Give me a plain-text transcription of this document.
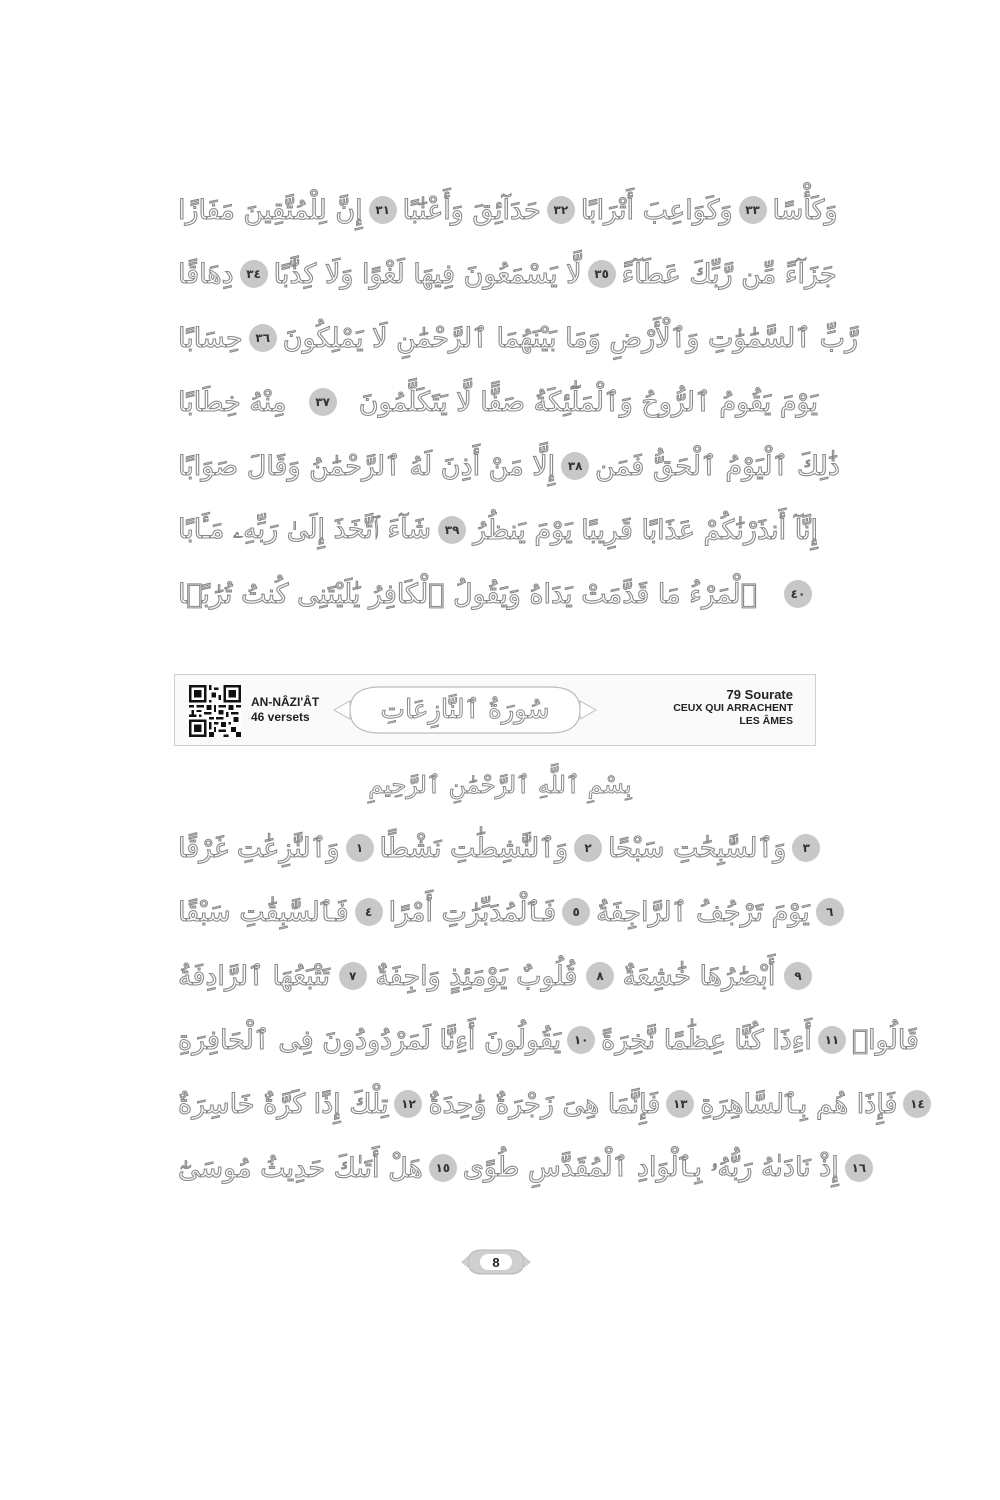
إِنَّ لِلْمُتَّقِينَ مَفَازًا	٣١ حَدَآئِقَ وَأَعْنَٰبًا	٣٢ وَكَوَاعِبَ أَتْرَابًا	٣٣ وَكَأْسًا
دِهَاقًا	٣٤ لَّا يَسْمَعُونَ فِيهَا لَغْوًا وَلَا كِذَّٰبًا	٣٥ جَزَآءً مِّن رَّبِّكَ عَطَآءً
حِسَابًا	٣٦ رَّبِّ ٱلسَّمَٰوَٰتِ وَٱلْأَرْضِ وَمَا بَيْنَهُمَا ٱلرَّحْمَٰنِ لَا يَمْلِكُونَ
مِنْهُ خِطَابًا	٣٧ يَوْمَ يَقُومُ ٱلرُّوحُ وَٱلْمَلَٰٓئِكَةُ صَفًّا لَّا يَتَكَلَّمُونَ
إِلَّا مَنْ أَذِنَ لَهُ ٱلرَّحْمَٰنُ وَقَالَ صَوَابًا	٣٨ ذَٰلِكَ ٱلْيَوْمُ ٱلْحَقُّ فَمَن
شَآءَ ٱتَّخَذَ إِلَىٰ رَبِّهِۦ مَـَٔابًا	٣٩ إِنَّآ أَنذَرْنَٰكُمْ عَذَابًا قَرِيبًا يَوْمَ يَنظُرُ
ٱلْمَرْءُ مَا قَدَّمَتْ يَدَاهُ وَيَقُولُ ٱلْكَافِرُ يَٰلَيْتَنِى كُنتُ تُرَٰبًۢا	٤٠
AN-NÂZI'ÂT
46 versets	سُورَةُ ٱلنَّازِعَاتِ
79 Sourate
CEUX QUI ARRACHENT
LES ÂMES
بِسْمِ ٱللَّهِ ٱلرَّحْمَٰنِ ٱلرَّحِيمِ
وَٱلنَّٰزِعَٰتِ غَرْقًا	١ وَٱلنَّٰشِطَٰتِ نَشْطًا	٢ وَٱلسَّٰبِحَٰتِ سَبْحًا	٣
فَٱلسَّٰبِقَٰتِ سَبْقًا	٤ فَٱلْمُدَبِّرَٰتِ أَمْرًا	٥ يَوْمَ تَرْجُفُ ٱلرَّاجِفَةُ	٦
تَتْبَعُهَا ٱلرَّادِفَةُ	٧ قُلُوبٌ يَوْمَئِذٍ وَاجِفَةٌ	٨ أَبْصَٰرُهَا خَٰشِعَةٌ	٩
يَقُولُونَ أَءِنَّا لَمَرْدُودُونَ فِى ٱلْحَافِرَةِ	١٠ أَءِذَا كُنَّا عِظَٰمًا نَّخِرَةً	١١ قَالُوا۟
تِلْكَ إِذًا كَرَّةٌ خَاسِرَةٌ	١٢ فَإِنَّمَا هِىَ زَجْرَةٌ وَٰحِدَةٌ	١٣ فَإِذَا هُم بِٱلسَّاهِرَةِ	١٤
هَلْ أَتَىٰكَ حَدِيثُ مُوسَىٰٓ	١٥ إِذْ نَادَىٰهُ رَبُّهُۥ بِٱلْوَادِ ٱلْمُقَدَّسِ طُوًى	١٦
8
